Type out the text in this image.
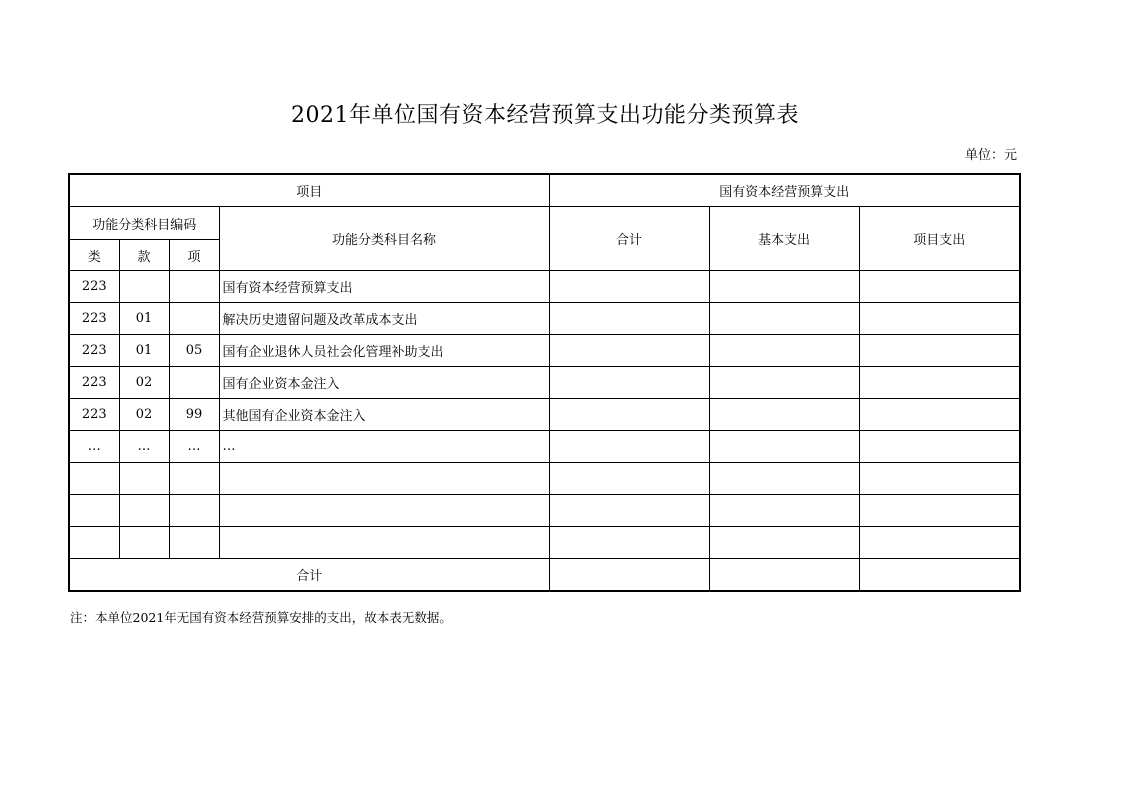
2021年单位国有资本经营预算支出功能分类预算表
单位：元
项目				国有资本经营预算支出		
功能分类科目编码			功能分类科目名称	合计	基本支出	项目支出
类	款	项				
223			国有资本经营预算支出			
223	01		解决历史遗留问题及改革成本支出			
223	01	05	国有企业退休人员社会化管理补助支出			
223	02		国有企业资本金注入			
223	02	99	其他国有企业资本金注入			
…	…	…	…			

合计						
注：本单位2021年无国有资本经营预算安排的支出，故本表无数据。
